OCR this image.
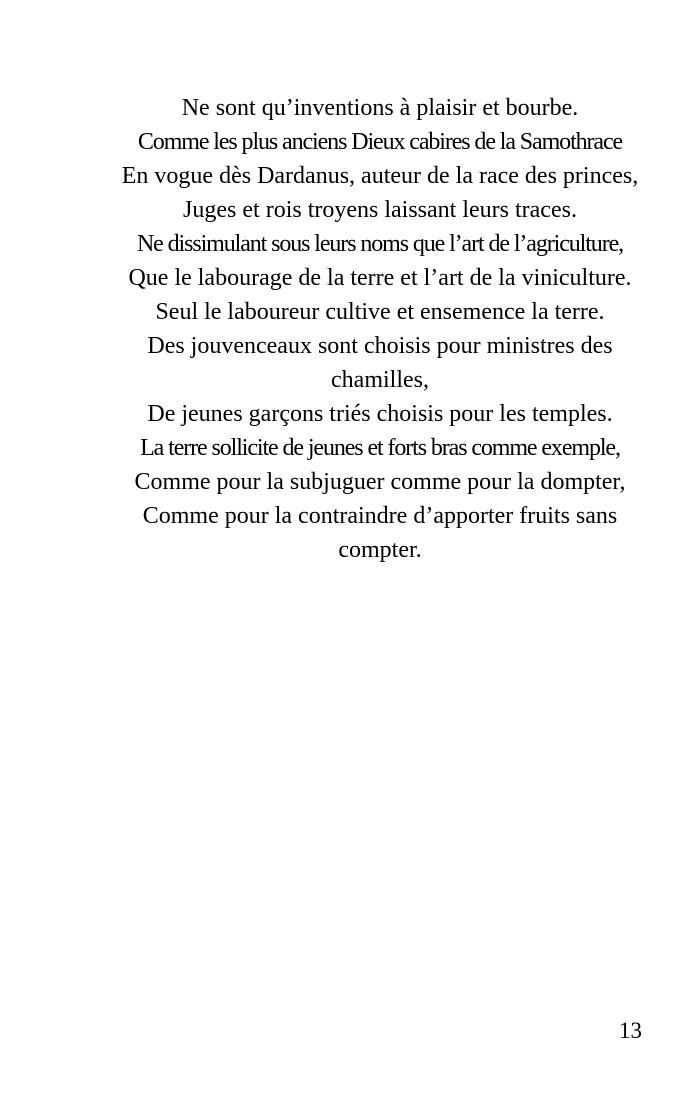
Ne sont qu’inventions à plaisir et bourbe.
Comme les plus anciens Dieux cabires de la Samothrace
En vogue dès Dardanus, auteur de la race des princes,
Juges et rois troyens laissant leurs traces.
Ne dissimulant sous leurs noms que l’art de l’agriculture,
Que le labourage de la terre et l’art de la viniculture.
Seul le laboureur cultive et ensemence la terre.
Des jouvenceaux sont choisis pour ministres des
chamilles,
De jeunes garçons triés choisis pour les temples.
La terre sollicite de jeunes et forts bras comme exemple,
Comme pour la subjuguer comme pour la dompter,
Comme pour la contraindre d’apporter fruits sans
compter.
13
